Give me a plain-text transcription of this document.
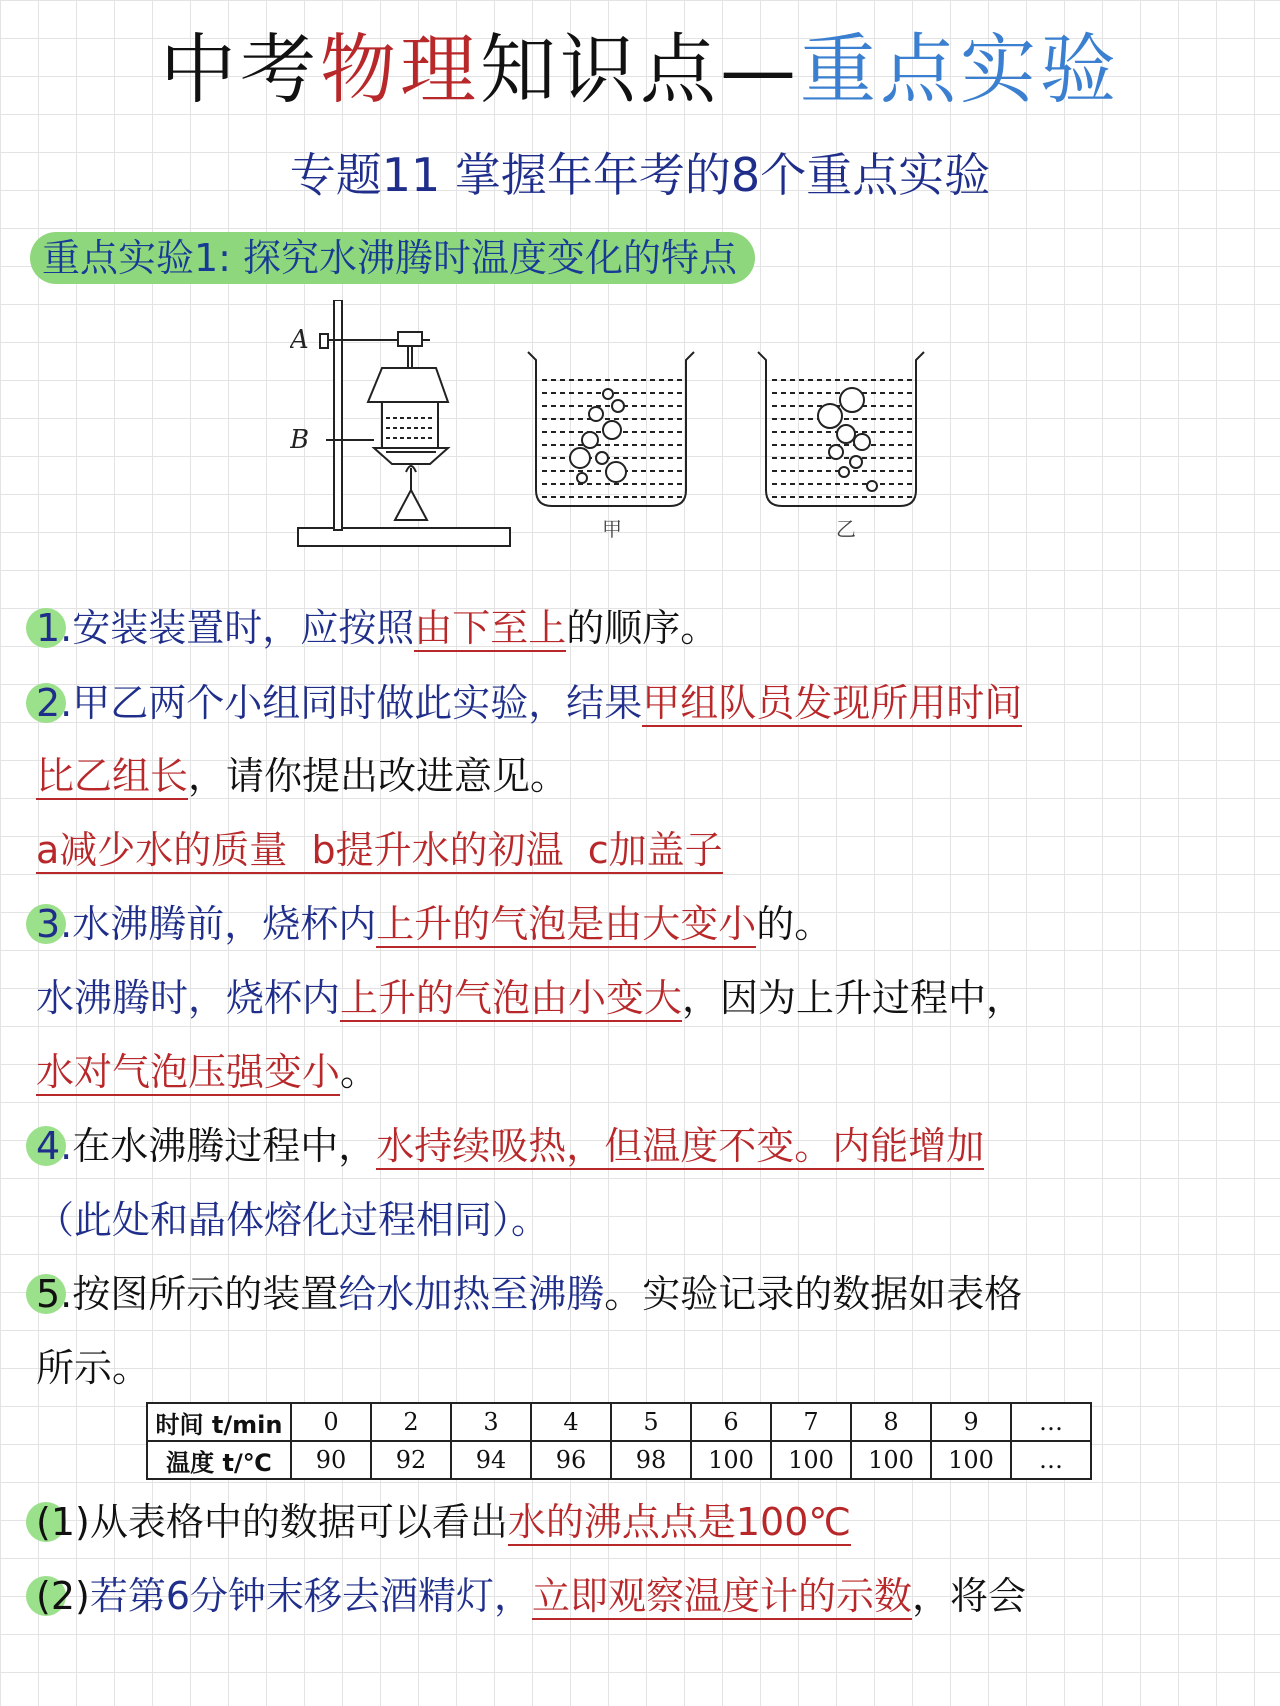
中考物理知识点—重点实验
专题11 掌握年年考的8个重点实验
重点实验1: 探究水沸腾时温度变化的特点
A
B
甲	乙
1.安装装置时，应按照由下至上的顺序。
2.甲乙两个小组同时做此实验，结果甲组队员发现所用时间
比乙组长，请你提出改进意见。
a减少水的质量  b提升水的初温  c加盖子
3.水沸腾前，烧杯内上升的气泡是由大变小的。
水沸腾时，烧杯内上升的气泡由小变大，因为上升过程中，
水对气泡压强变小。
4.在水沸腾过程中，水持续吸热，但温度不变。内能增加
（此处和晶体熔化过程相同）。
5.按图所示的装置给水加热至沸腾。实验记录的数据如表格
所示。
时间 t/min	0	2	3	4	5	6	7	8	9	…
温度 t/℃	90	92	94	96	98	100	100	100	100	…
(1)从表格中的数据可以看出水的沸点点是100℃
(2)若第6分钟末移去酒精灯，立即观察温度计的示数，将会
